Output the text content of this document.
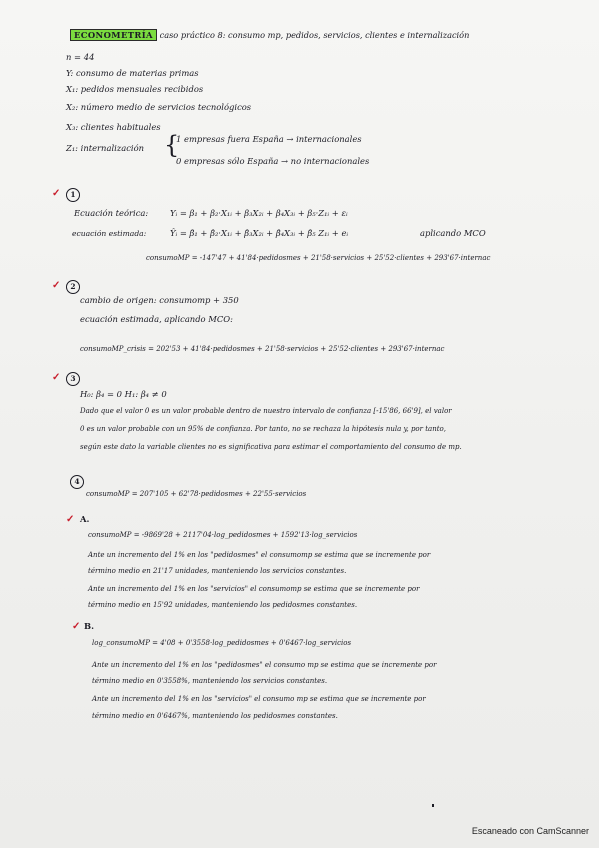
ECONOMETRÍA caso práctico 8: consumo mp, pedidos, servicios, clientes e internalización
n = 44
Y: consumo de materias primas
X₁: pedidos mensuales recibidos
X₂: número medio de servicios tecnológicos
X₃: clientes habituales
Z₁: internalización {
1 empresas fuera España → internacionales
0 empresas sólo España → no internacionales
✓	1
Ecuación teórica:	Yᵢ = β₁ + β₂·X₁ᵢ + β₃X₂ᵢ + β₄X₃ᵢ + β₅·Z₁ᵢ + εᵢ
ecuación estimada:	Ŷᵢ = β̂₁ + β̂₂·X₁ᵢ + β̂₃X₂ᵢ + β̂₄X₃ᵢ + β̂₅ Z₁ᵢ + eᵢ	aplicando MCO
consumoMP = -147'47 + 41'84·pedidosmes + 21'58·servicios + 25'52·clientes + 293'67·internac
✓	2
cambio de origen: consumomp + 350
ecuación estimada, aplicando MCO:
consumoMP_crisis = 202'53 + 41'84·pedidosmes + 21'58·servicios + 25'52·clientes + 293'67·internac
✓	3
H₀: β₄ = 0 H₁: β₄ ≠ 0
Dado que el valor 0 es un valor probable dentro de nuestro intervalo de confianza [-15'86, 66'9], el valor
0 es un valor probable con un 95% de confianza. Por tanto, no se rechaza la hipótesis nula y, por tanto,
según este dato la variable clientes no es significativa para estimar el comportamiento del consumo de mp.
4
consumoMP = 207'105 + 62'78·pedidosmes + 22'55·servicios
✓ A.
consumoMP = -9869'28 + 2117'04·log_pedidosmes + 1592'13·log_servicios
Ante un incremento del 1% en los "pedidosmes" el consumomp se estima que se incremente por
término medio en 21'17 unidades, manteniendo los servicios constantes.
Ante un incremento del 1% en los "servicios" el consumomp se estima que se incremente por
término medio en 15'92 unidades, manteniendo los pedidosmes constantes.
✓ B.
log_consumoMP = 4'08 + 0'3558·log_pedidosmes + 0'6467·log_servicios
Ante un incremento del 1% en los "pedidosmes" el consumo mp se estima que se incremente por
término medio en 0'3558%, manteniendo los servicios constantes.
Ante un incremento del 1% en los "servicios" el consumo mp se estima que se incremente por
término medio en 0'6467%, manteniendo los pedidosmes constantes.
Escaneado con CamScanner
